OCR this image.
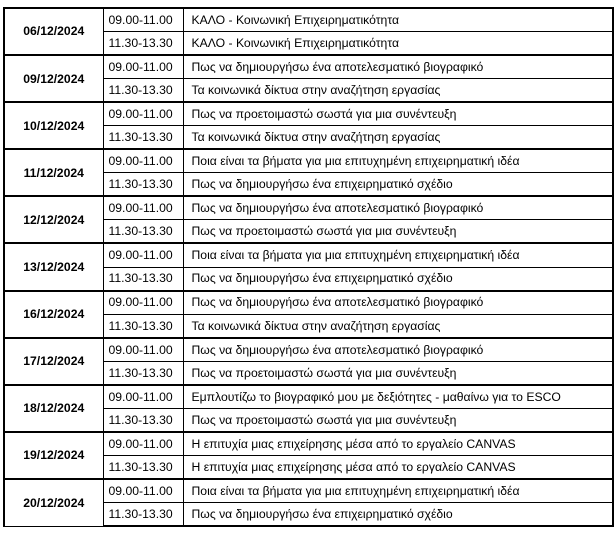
06/12/2024	09.00-11.00	ΚΑΛΟ - Κοινωνική Επιχειρηματικότητα
	11.30-13.30	ΚΑΛΟ - Κοινωνική Επιχειρηματικότητα
09/12/2024	09.00-11.00	Πως να δημιουργήσω ένα αποτελεσματικό βιογραφικό
	11.30-13.30	Τα κοινωνικά δίκτυα στην αναζήτηση εργασίας
10/12/2024	09.00-11.00	Πως να προετοιμαστώ σωστά για μια συνέντευξη
	11.30-13.30	Τα κοινωνικά δίκτυα στην αναζήτηση εργασίας
11/12/2024	09.00-11.00	Ποια είναι τα βήματα για μια επιτυχημένη επιχειρηματική ιδέα
	11.30-13.30	Πως να δημιουργήσω ένα επιχειρηματικό σχέδιο
12/12/2024	09.00-11.00	Πως να δημιουργήσω ένα αποτελεσματικό βιογραφικό
	11.30-13.30	Πως να προετοιμαστώ σωστά για μια συνέντευξη
13/12/2024	09.00-11.00	Ποια είναι τα βήματα για μια επιτυχημένη επιχειρηματική ιδέα
	11.30-13.30	Πως να δημιουργήσω ένα επιχειρηματικό σχέδιο
16/12/2024	09.00-11.00	Πως να δημιουργήσω ένα αποτελεσματικό βιογραφικό
	11.30-13.30	Τα κοινωνικά δίκτυα στην αναζήτηση εργασίας
17/12/2024	09.00-11.00	Πως να δημιουργήσω ένα αποτελεσματικό βιογραφικό
	11.30-13.30	Πως να προετοιμαστώ σωστά για μια συνέντευξη
18/12/2024	09.00-11.00	Εμπλουτίζω το βιογραφικό μου με δεξιότητες - μαθαίνω για το ESCO
	11.30-13.30	Πως να προετοιμαστώ σωστά για μια συνέντευξη
19/12/2024	09.00-11.00	Η επιτυχία μιας επιχείρησης μέσα από το εργαλείο CANVAS
	11.30-13.30	Η επιτυχία μιας επιχείρησης μέσα από το εργαλείο CANVAS
20/12/2024	09.00-11.00	Ποια είναι τα βήματα για μια επιτυχημένη επιχειρηματική ιδέα
	11.30-13.30	Πως να δημιουργήσω ένα επιχειρηματικό σχέδιο
